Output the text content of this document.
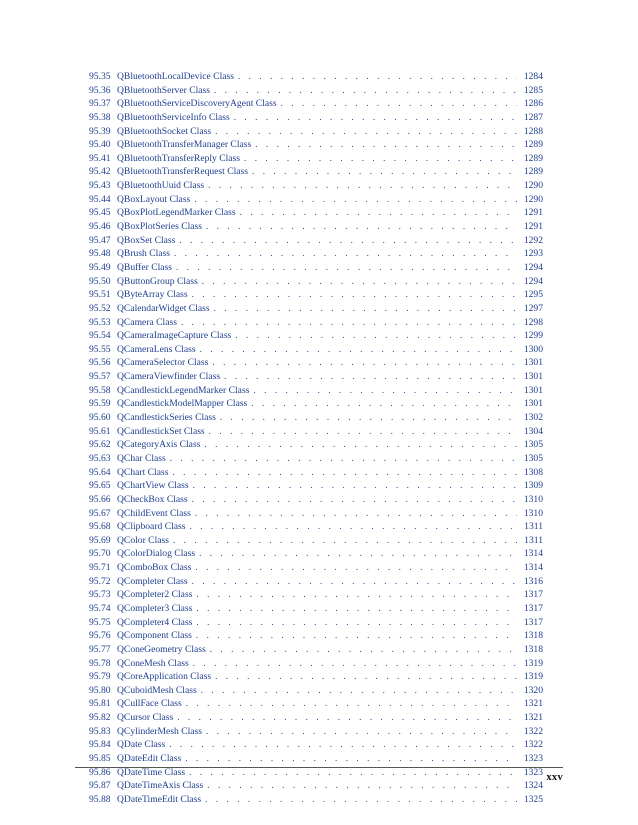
95.35 QBluetoothLocalDevice Class . . .	1284
95.36 QBluetoothServer Class . . .	1285
95.37 QBluetoothServiceDiscoveryAgent Class . . .	1286
95.38 QBluetoothServiceInfo Class . . .	1287
95.39 QBluetoothSocket Class . . .	1288
95.40 QBluetoothTransferManager Class . . .	1289
95.41 QBluetoothTransferReply Class . . .	1289
95.42 QBluetoothTransferRequest Class . . .	1289
95.43 QBluetoothUuid Class . . .	1290
95.44 QBoxLayout Class . . .	1290
95.45 QBoxPlotLegendMarker Class . . .	1291
95.46 QBoxPlotSeries Class . . .	1291
95.47 QBoxSet Class . . .	1292
95.48 QBrush Class . . .	1293
95.49 QBuffer Class . . .	1294
95.50 QButtonGroup Class . . .	1294
95.51 QByteArray Class . . .	1295
95.52 QCalendarWidget Class . . .	1297
95.53 QCamera Class . . .	1298
95.54 QCameraImageCapture Class . . .	1299
95.55 QCameraLens Class . . .	1300
95.56 QCameraSelector Class . . .	1301
95.57 QCameraViewfinder Class . . .	1301
95.58 QCandlestickLegendMarker Class . . .	1301
95.59 QCandlestickModelMapper Class . . .	1301
95.60 QCandlestickSeries Class . . .	1302
95.61 QCandlestickSet Class . . .	1304
95.62 QCategoryAxis Class . . .	1305
95.63 QChar Class . . .	1305
95.64 QChart Class . . .	1308
95.65 QChartView Class . . .	1309
95.66 QCheckBox Class . . .	1310
95.67 QChildEvent Class . . .	1310
95.68 QClipboard Class . . .	1311
95.69 QColor Class . . .	1311
95.70 QColorDialog Class . . .	1314
95.71 QComboBox Class . . .	1314
95.72 QCompleter Class . . .	1316
95.73 QCompleter2 Class . . .	1317
95.74 QCompleter3 Class . . .	1317
95.75 QCompleter4 Class . . .	1317
95.76 QComponent Class . . .	1318
95.77 QConeGeometry Class . . .	1318
95.78 QConeMesh Class . . .	1319
95.79 QCoreApplication Class . . .	1319
95.80 QCuboidMesh Class . . .	1320
95.81 QCullFace Class . . .	1321
95.82 QCursor Class . . .	1321
95.83 QCylinderMesh Class . . .	1322
95.84 QDate Class . . .	1322
95.85 QDateEdit Class . . .	1323
95.86 QDateTime Class . . .	1323
95.87 QDateTimeAxis Class . . .	1324
95.88 QDateTimeEdit Class . . .	1325
xxv
